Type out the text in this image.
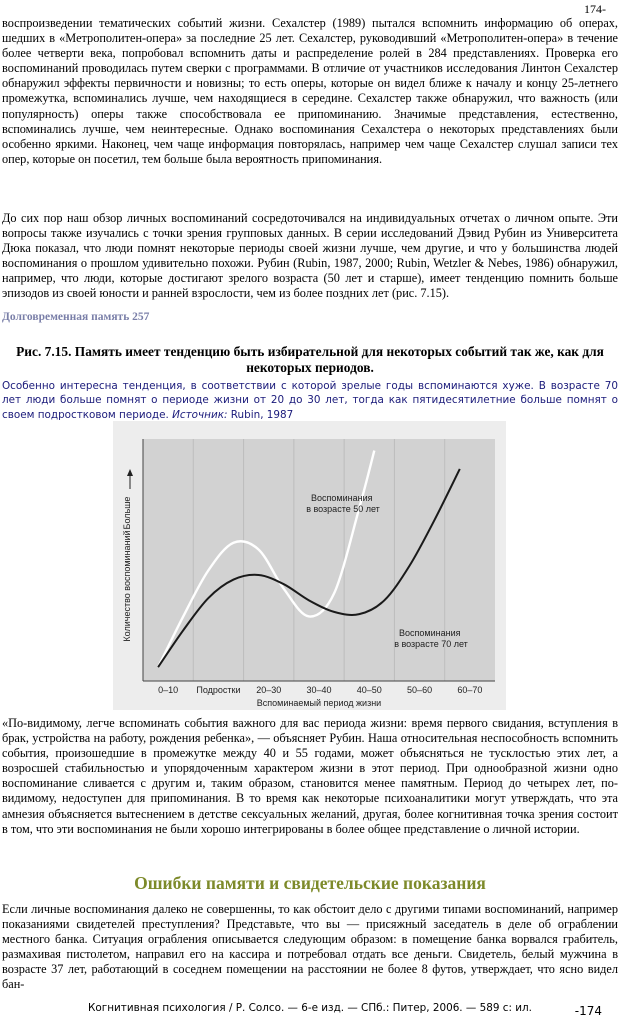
174-

воспроизведении тематических событий жизни. Сехалстер (1989) пытался вспомнить информацию об операх, шедших в «Метрополитен-опера» за последние 25 лет. Сехалстер, руководивший «Метрополитен-опера» в течение более четверти века, попробовал вспомнить даты и распределение ролей в 284 представлениях. Проверка его воспоминаний проводилась путем сверки с программами. В отличие от участников исследования Линтон Сехалстер обнаружил эффекты первичности и новизны; то есть оперы, которые он видел ближе к началу и концу 25-летнего промежутка, вспоминались лучше, чем находящиеся в середине. Сехалстер также обнаружил, что важность (или популярность) оперы также способствовала ее припоминанию. Значимые представления, естественно, вспоминались лучше, чем неинтересные. Однако воспоминания Сехалстера о некоторых представлениях были особенно яркими. Наконец, чем чаще информация повторялась, например чем чаще Сехалстер слушал записи тех опер, которые он посетил, тем больше была вероятность припоминания.

До сих пор наш обзор личных воспоминаний сосредоточивался на индивидуальных отчетах о личном опыте. Эти вопросы также изучались с точки зрения групповых данных. В серии исследований Дэвид Рубин из Университета Дюка показал, что люди помнят некоторые периоды своей жизни лучше, чем другие, и что у большинства людей воспоминания о прошлом удивительно похожи. Рубин (Rubin, 1987, 2000; Rubin, Wetzler & Nebes, 1986) обнаружил, например, что люди, которые достигают зрелого возраста (50 лет и старше), имеет тенденцию помнить больше эпизодов из своей юности и ранней взрослости, чем из более поздних лет (рис. 7.15).

Долговременная память 257

Рис. 7.15. Память имеет тенденцию быть избирательной для некоторых событий так же, как для некоторых периодов.

Особенно интересна тенденция, в соответствии с которой зрелые годы вспоминаются хуже. В возрасте 70 лет люди больше помнят о периоде жизни от 20 до 30 лет, тогда как пятидесятилетние больше помнят о своем подростковом периоде. Источник: Rubin, 1987

Количество воспоминаний
Больше
0–10 Подростки 20–30	30–40	40–50	50–60	60–70
Вспоминаемый период жизни
Воспоминания в возрасте 50 лет
Воспоминания в возрасте 70 лет

«По-видимому, легче вспоминать события важного для вас периода жизни: время первого свидания, вступления в брак, устройства на работу, рождения ребенка», — объясняет Рубин. Наша относительная неспособность вспомнить события, произошедшие в промежутке между 40 и 55 годами, может объясняться не тусклостью этих лет, а возросшей стабильностью и упорядоченным характером жизни в этот период. При однообразной жизни одно воспоминание сливается с другим и, таким образом, становится менее памятным. Период до четырех лет, по-видимому, недоступен для припоминания. В то время как некоторые психоаналитики могут утверждать, что эта амнезия объясняется вытеснением в детстве сексуальных желаний, другая, более когнитивная точка зрения состоит в том, что эти воспоминания не были хорошо интегрированы в более общее представление о личной истории.

Ошибки памяти и свидетельские показания

Если личные воспоминания далеко не совершенны, то как обстоит дело с другими типами воспоминаний, например показаниями свидетелей преступления? Представьте, что вы — присяжный заседатель в деле об ограблении местного банка. Ситуация ограбления описывается следующим образом: в помещение банка ворвался грабитель, размахивая пистолетом, направил его на кассира и потребовал отдать все деньги. Свидетель, белый мужчина в возрасте 37 лет, работающий в соседнем помещении на расстоянии не более 8 футов, утверждает, что ясно видел бан-

Когнитивная психология / Р. Солсо. — 6-е изд. — СПб.: Питер, 2006. — 589 с: ил.	-174
